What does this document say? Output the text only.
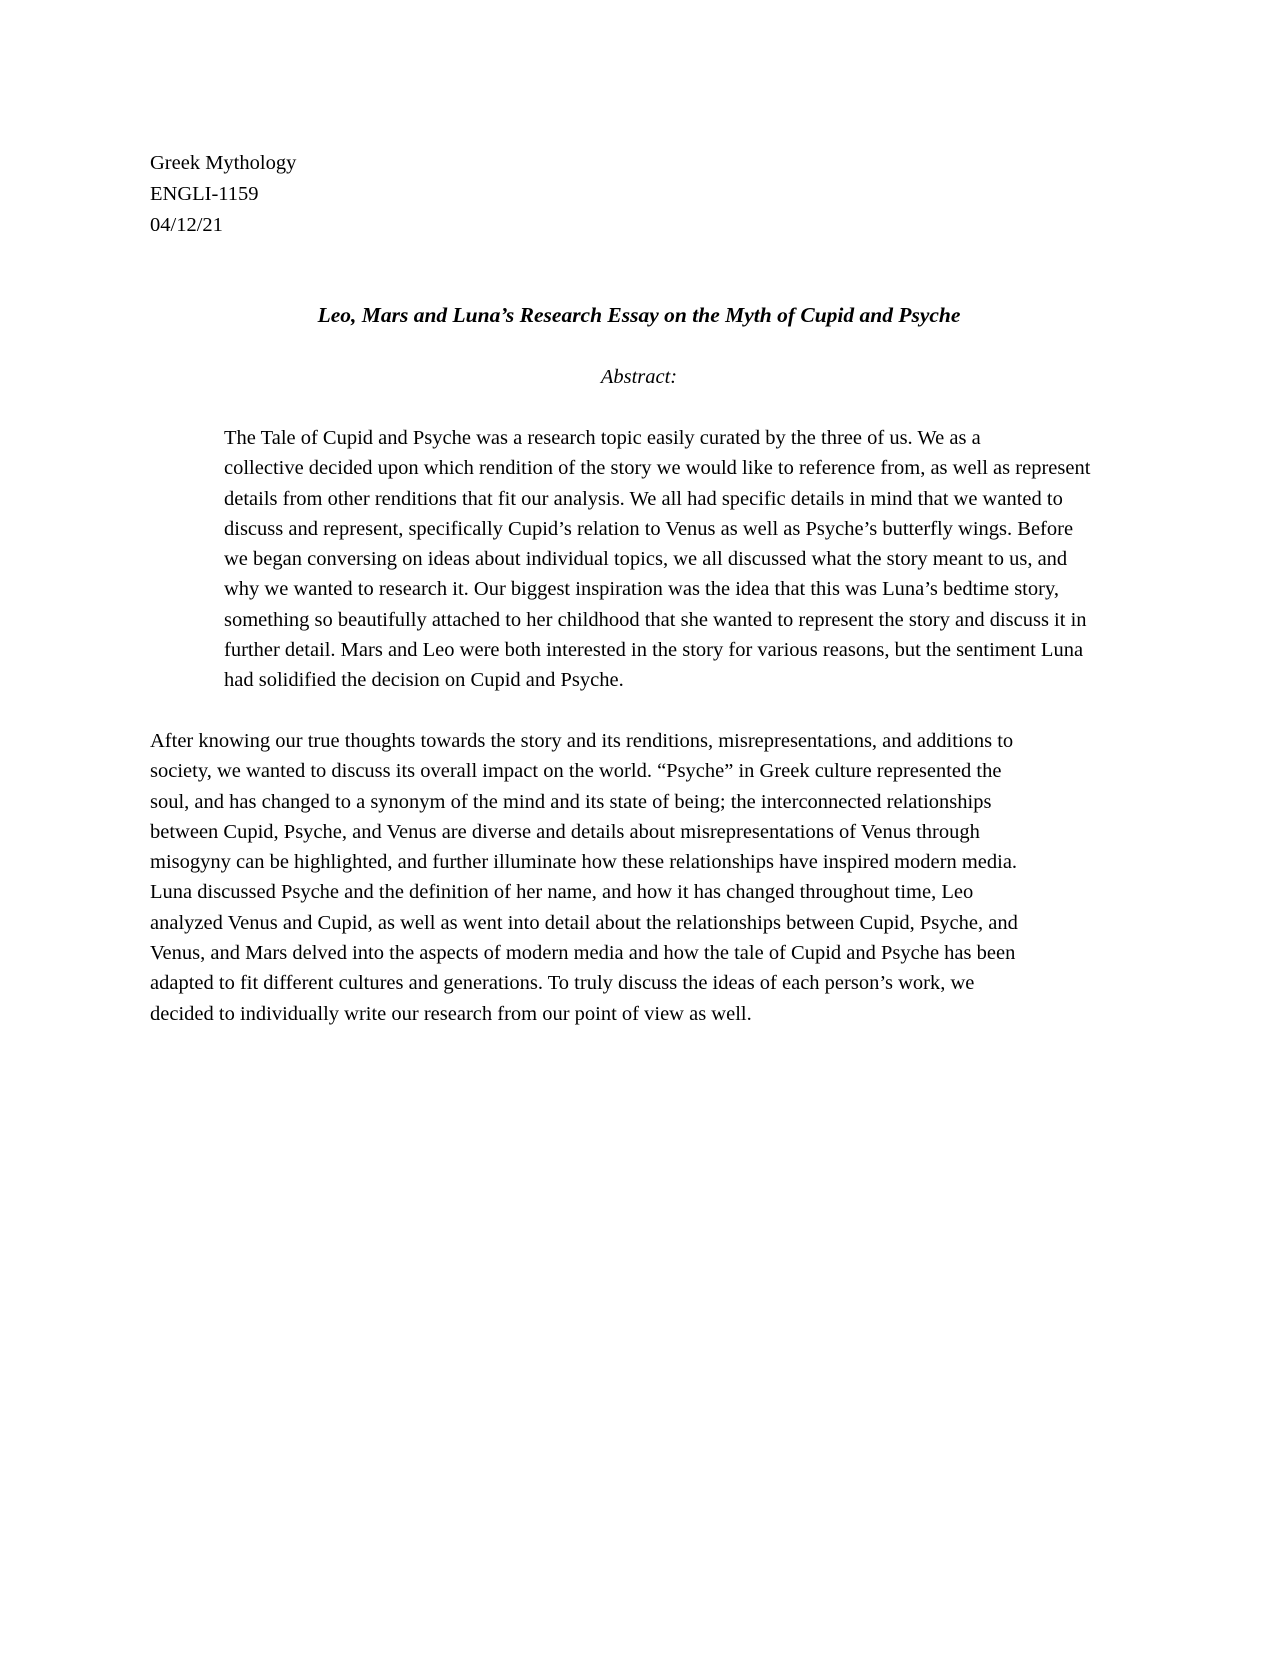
Greek Mythology
ENGLI-1159
04/12/21
Leo, Mars and Luna’s Research Essay on the Myth of Cupid and Psyche
Abstract:

The Tale of Cupid and Psyche was a research topic easily curated by the three of us. We as a
collective decided upon which rendition of the story we would like to reference from, as well as represent
details from other renditions that fit our analysis. We all had specific details in mind that we wanted to
discuss and represent, specifically Cupid’s relation to Venus as well as Psyche’s butterfly wings. Before
we began conversing on ideas about individual topics, we all discussed what the story meant to us, and
why we wanted to research it. Our biggest inspiration was the idea that this was Luna’s bedtime story,
something so beautifully attached to her childhood that she wanted to represent the story and discuss it in
further detail. Mars and Leo were both interested in the story for various reasons, but the sentiment Luna
had solidified the decision on Cupid and Psyche.

After knowing our true thoughts towards the story and its renditions, misrepresentations, and additions to
society, we wanted to discuss its overall impact on the world. “Psyche” in Greek culture represented the
soul, and has changed to a synonym of the mind and its state of being; the interconnected relationships
between Cupid, Psyche, and Venus are diverse and details about misrepresentations of Venus through
misogyny can be highlighted, and further illuminate how these relationships have inspired modern media.
Luna discussed Psyche and the definition of her name, and how it has changed throughout time, Leo
analyzed Venus and Cupid, as well as went into detail about the relationships between Cupid, Psyche, and
Venus, and Mars delved into the aspects of modern media and how the tale of Cupid and Psyche has been
adapted to fit different cultures and generations. To truly discuss the ideas of each person’s work, we
decided to individually write our research from our point of view as well.
